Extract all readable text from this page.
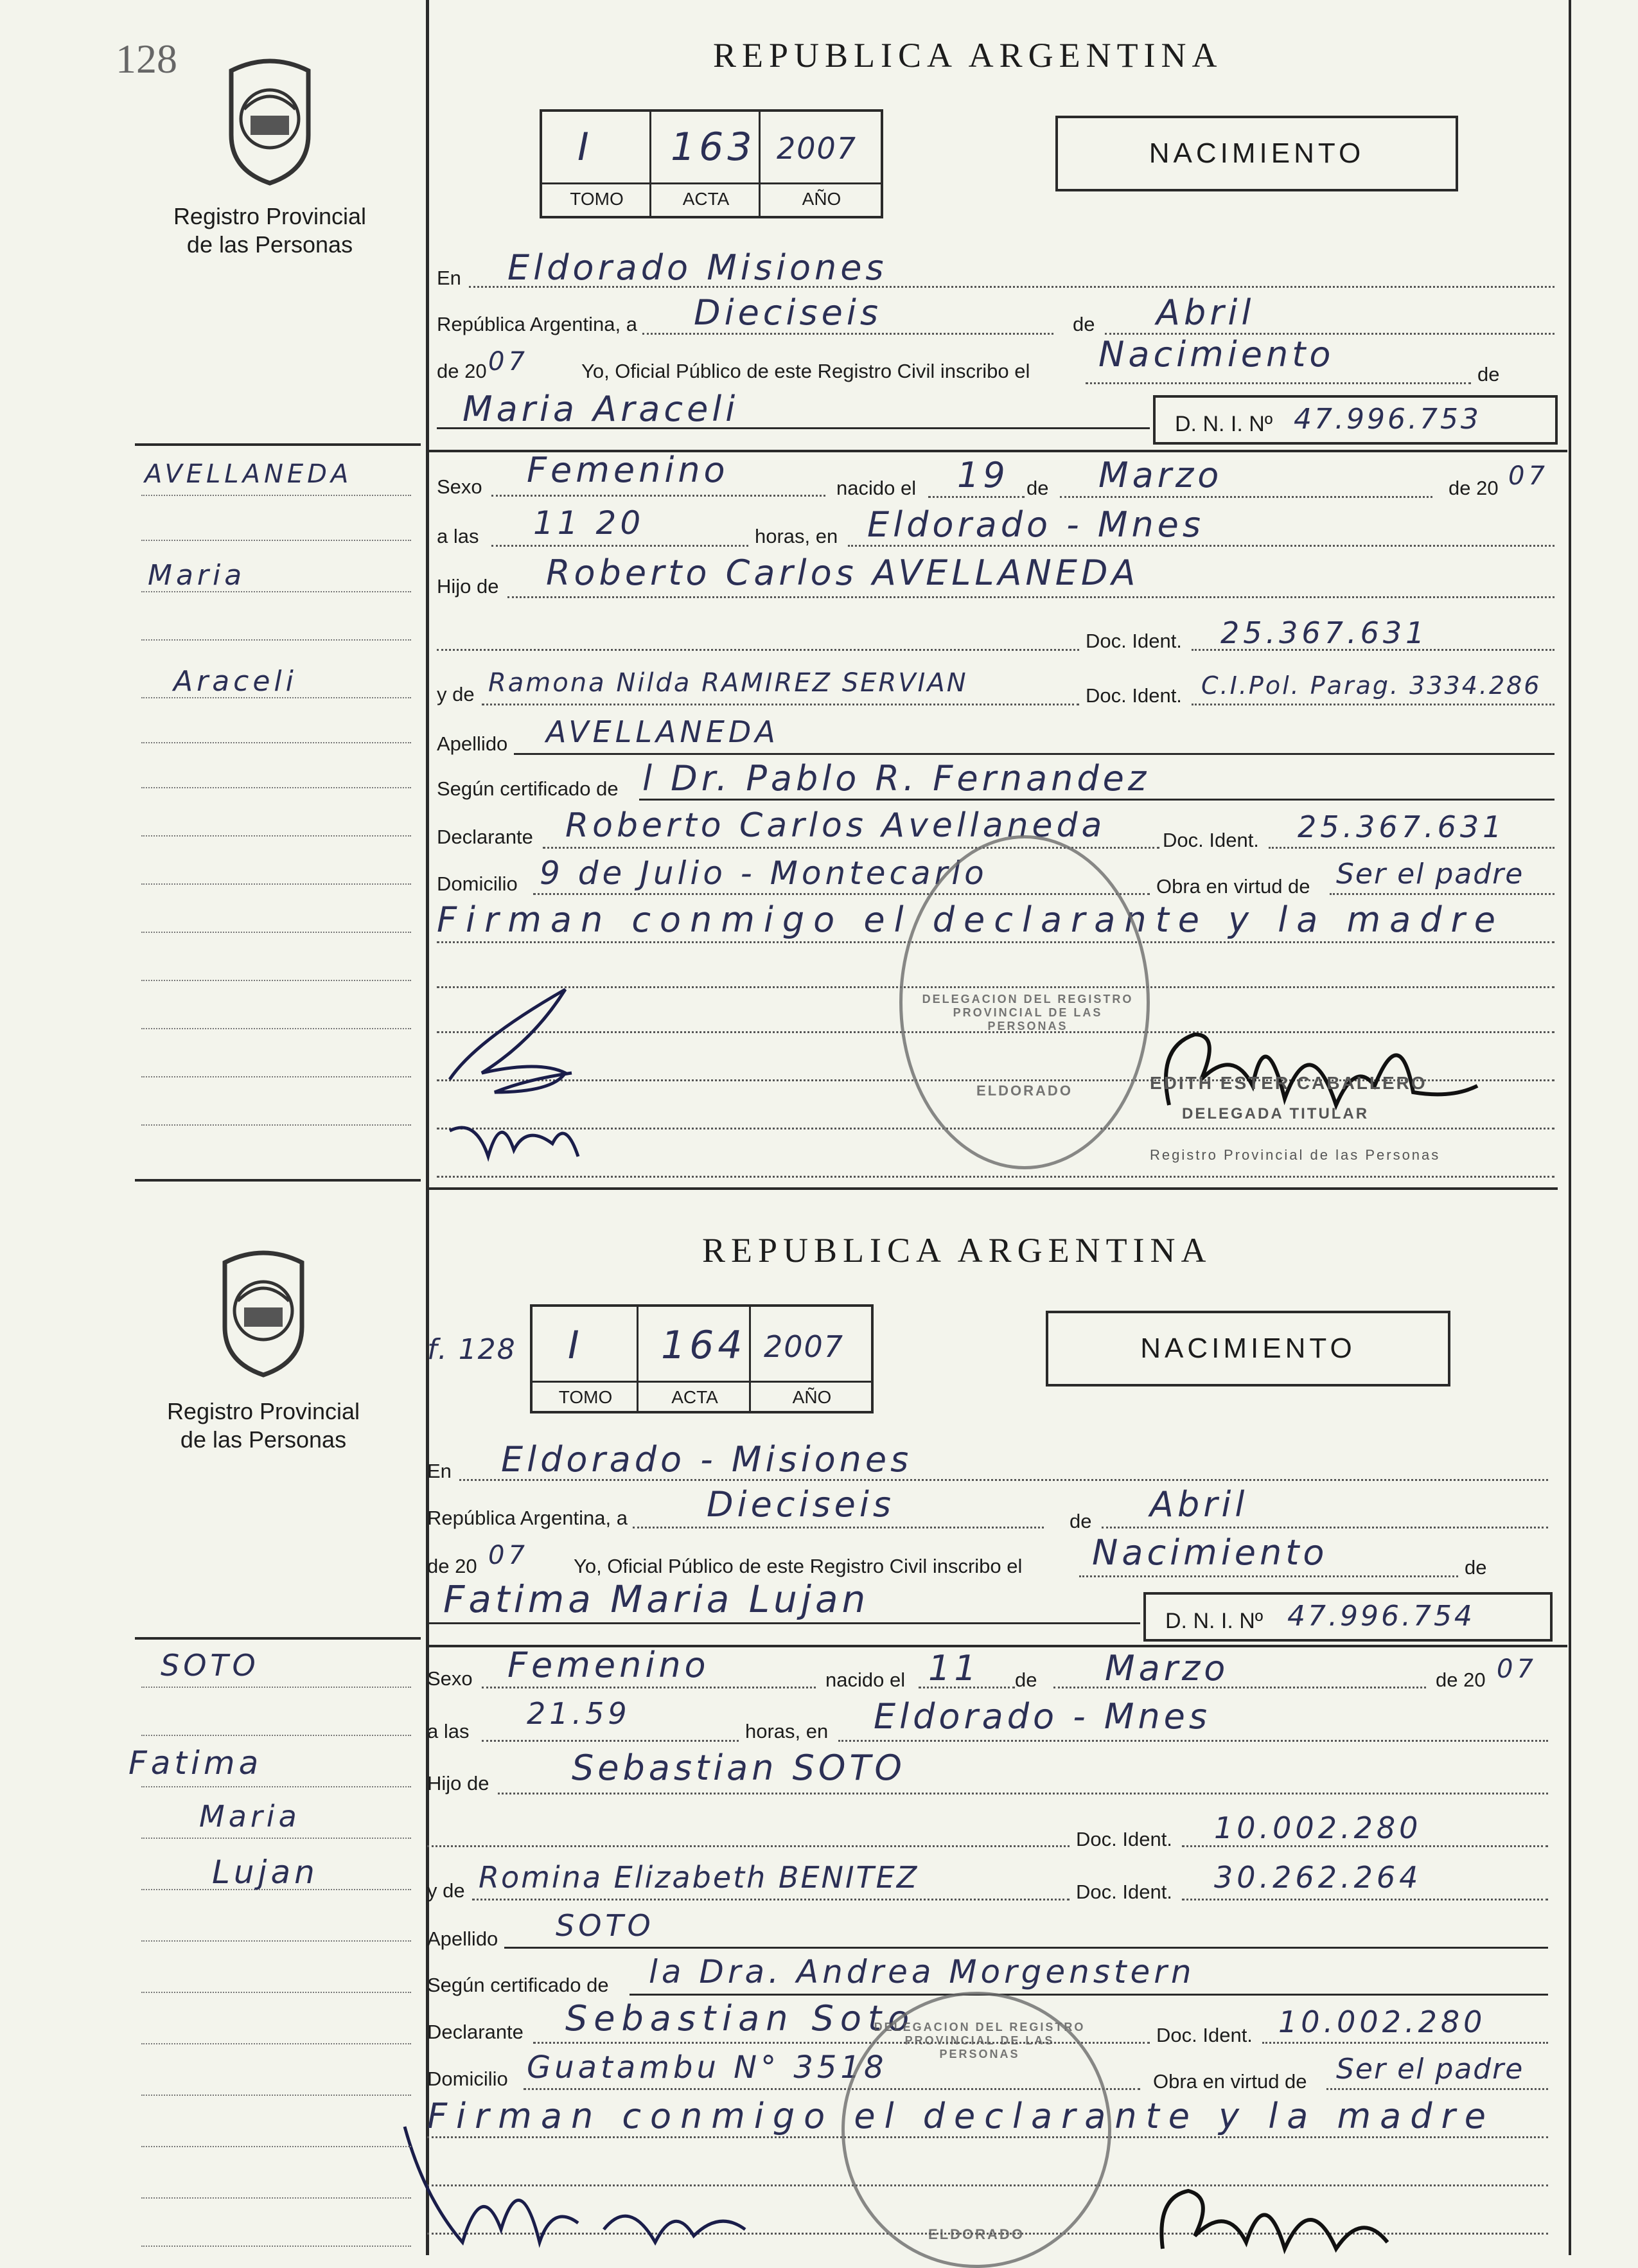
128
Registro Provincial
de las Personas
REPUBLICA ARGENTINA
I 163 2007
TOMO	ACTA	AÑO
NACIMIENTO
En Eldorado Misiones
República Argentina, a Dieciseis	de Abril
de 20 07	Yo, Oficial Público de este Registro Civil inscribo el Nacimiento	de
Maria Araceli	D. N. I. Nº 47.996.753
Sexo Femenino	nacido el 19 de Marzo	de 20 07
a las 11 20	horas, en Eldorado - Mnes
Hijo de Roberto Carlos AVELLANEDA
Doc. Ident. 25.367.631
y de Ramona Nilda RAMIREZ SERVIAN	Doc. Ident. C.I.Pol. Parag. 3334.286
Apellido AVELLANEDA
Según certificado de l Dr. Pablo R. Fernandez
Declarante Roberto Carlos Avellaneda	Doc. Ident. 25.367.631
Domicilio 9 de Julio - Montecarlo	Obra en virtud de Ser el padre
Firman conmigo el declarante y la madre
EDITH ESTER CABALLERO
DELEGADA TITULAR
Registro Provincial de las Personas
DELEGACION DEL REGISTRO PROVINCIAL DE LAS PERSONAS
ELDORADO
AVELLANEDA
Maria
Araceli
Registro Provincial
de las Personas
REPUBLICA ARGENTINA
f. 128 I 164 2007
TOMO	ACTA	AÑO
NACIMIENTO
En Eldorado - Misiones
República Argentina, a Dieciseis	de Abril
de 20 07 Yo, Oficial Público de este Registro Civil inscribo el Nacimiento	de
Fatima Maria Lujan	D. N. I. Nº 47.996.754
Sexo Femenino	nacido el 11 de Marzo	de 20 07
a las
21.59
horas, en Eldorado - Mnes
Hijo de Sebastian SOTO
Doc. Ident. 10.002.280
y de Romina Elizabeth BENITEZ	Doc. Ident. 30.262.264
Apellido SOTO
Según certificado de la Dra. Andrea Morgenstern
Declarante Sebastian Soto	Doc. Ident. 10.002.280
Domicilio Guatambu N° 3518	Obra en virtud de Ser el padre
Firman conmigo el declarante y la madre
DELEGACION DEL REGISTRO PROVINCIAL DE LAS PERSONAS
ELDORADO
SOTO
Fatima
Maria
Lujan
